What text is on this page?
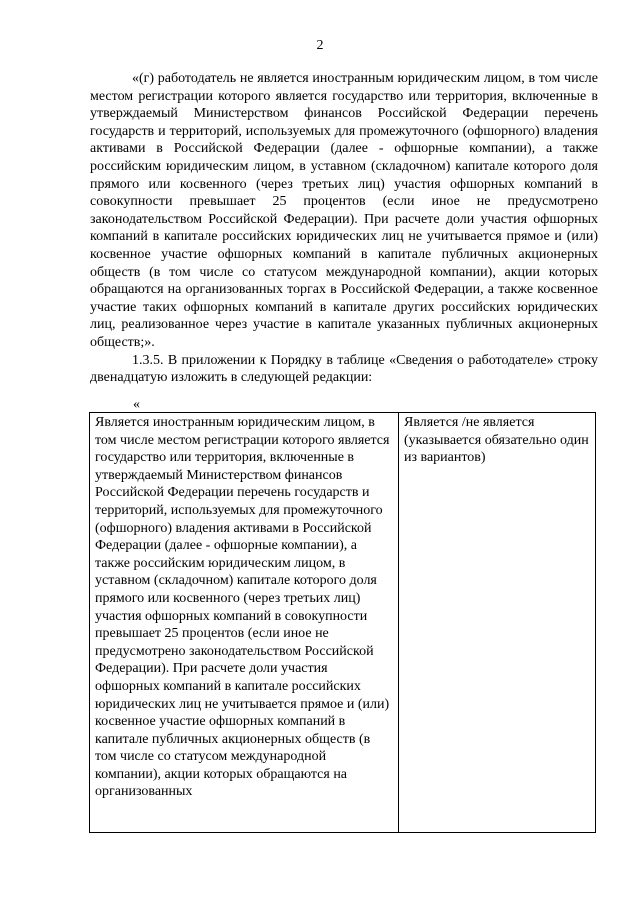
2

«(г) работодатель не является иностранным юридическим лицом, в том числе местом регистрации которого является государство или территория, включенные в утверждаемый Министерством финансов Российской Федерации перечень государств и территорий, используемых для промежуточного (офшорного) владения активами в Российской Федерации (далее - офшорные компании), а также российским юридическим лицом, в уставном (складочном) капитале которого доля прямого или косвенного (через третьих лиц) участия офшорных компаний в совокупности превышает 25 процентов (если иное не предусмотрено законодательством Российской Федерации). При расчете доли участия офшорных компаний в капитале российских юридических лиц не учитывается прямое и (или) косвенное участие офшорных компаний в капитале публичных акционерных обществ (в том числе со статусом международной компании), акции которых обращаются на организованных торгах в Российской Федерации, а также косвенное участие таких офшорных компаний в капитале других российских юридических лиц, реализованное через участие в капитале указанных публичных акционерных обществ;».

1.3.5. В приложении к Порядку в таблице «Сведения о работодателе» строку двенадцатую изложить в следующей редакции:

«
Является иностранным юридическим лицом, в том числе местом регистрации которого является государство или территория, включенные в утверждаемый Министерством финансов Российской Федерации перечень государств и территорий, используемых для промежуточного (офшорного) владения активами в Российской Федерации (далее - офшорные компании), а также российским юридическим лицом, в уставном (складочном) капитале которого доля прямого или косвенного (через третьих лиц) участия офшорных компаний в совокупности превышает 25 процентов (если иное не предусмотрено законодательством Российской Федерации). При расчете доли участия офшорных компаний в капитале российских юридических лиц не учитывается прямое и (или) косвенное участие офшорных компаний в капитале публичных акционерных обществ (в том числе со статусом международной компании), акции которых обращаются на организованных	Является /не является (указывается обязательно один из вариантов)
